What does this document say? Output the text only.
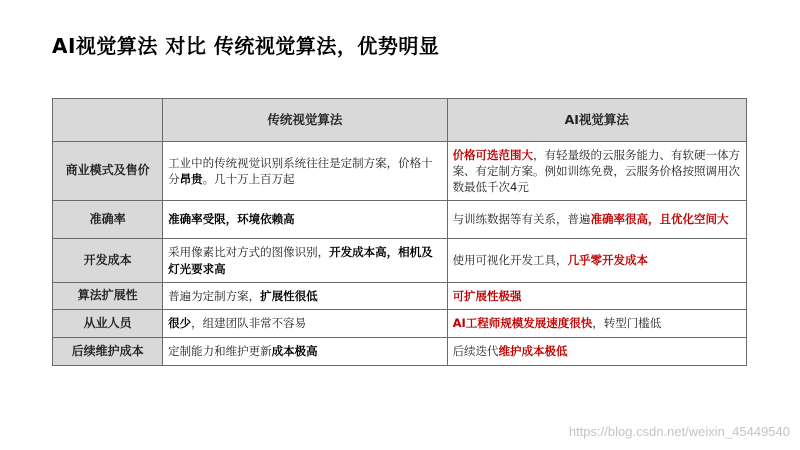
AI视觉算法 对比 传统视觉算法，优势明显
	传统视觉算法	AI视觉算法
商业模式及售价	工业中的传统视觉识别系统往往是定制方案，价格十分昂贵。几十万上百万起	价格可选范围大，有轻量级的云服务能力、有软硬一体方案、有定制方案。例如训练免费，云服务价格按照调用次数最低千次4元
准确率	准确率受限，环境依赖高	与训练数据等有关系，普遍准确率很高，且优化空间大
开发成本	采用像素比对方式的图像识别，开发成本高，相机及灯光要求高	使用可视化开发工具，几乎零开发成本
算法扩展性	普遍为定制方案，扩展性很低	可扩展性极强
从业人员	很少，组建团队非常不容易	AI工程师规模发展速度很快，转型门槛低
后续维护成本	定制能力和维护更新成本极高	后续迭代维护成本极低
https://blog.csdn.net/weixin_45449540
